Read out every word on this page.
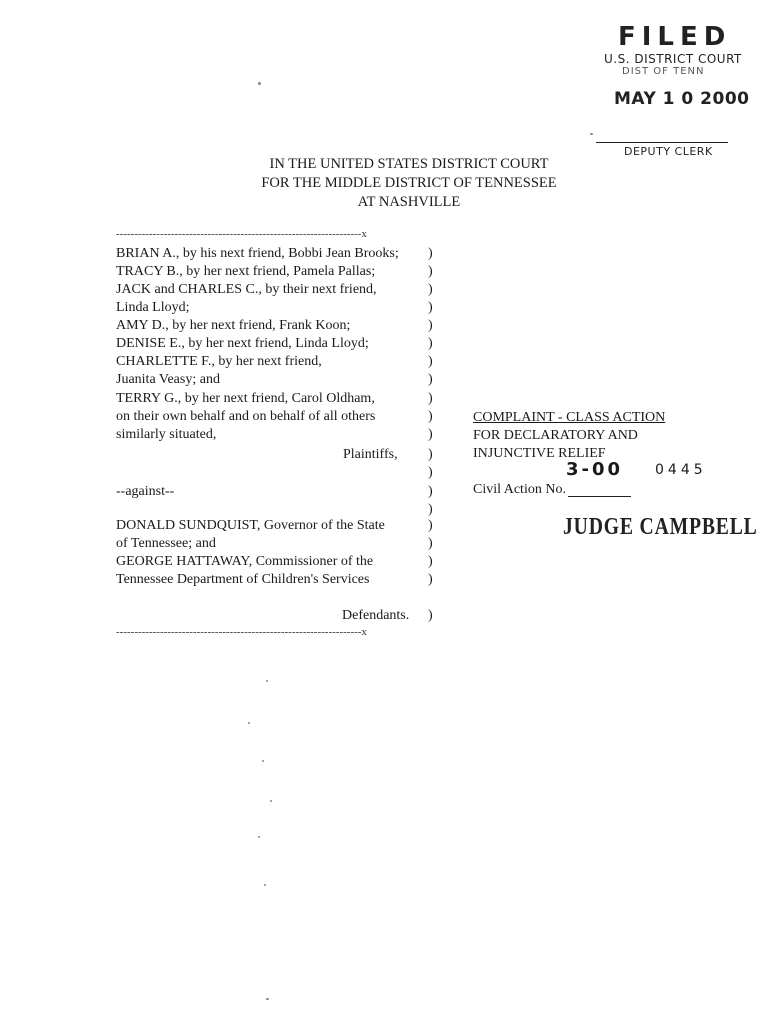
FILED
U.S. DISTRICT COURT
DIST OF TENN
MAY 1 0 2000
DEPUTY CLERK
IN THE UNITED STATES DISTRICT COURT
FOR THE MIDDLE DISTRICT OF TENNESSEE
AT NASHVILLE
-------------------------------------------------------------------x
-------------------------------------------------------------------x
BRIAN A., by his next friend, Bobbi Jean Brooks;
TRACY B., by her next friend, Pamela Pallas;
JACK and CHARLES C., by their next friend,
Linda Lloyd;
AMY D., by her next friend, Frank Koon;
DENISE E., by her next friend, Linda Lloyd;
CHARLETTE F., by her next friend,
Juanita Veasy; and
TERRY G., by her next friend, Carol Oldham,
on their own behalf and on behalf of all others
similarly situated,
Plaintiffs,
--against--
DONALD SUNDQUIST, Governor of the State
of Tennessee; and
GEORGE HATTAWAY, Commissioner of the
Tennessee Department of Children's Services
Defendants.
)
)
)
)
)
)
)
)
)
)
)
)
)
)
)
)
)
)
)
)
COMPLAINT - CLASS ACTION
FOR DECLARATORY AND
INJUNCTIVE RELIEF
3-00 0445
Civil Action No.
JUDGE CAMPBELL
